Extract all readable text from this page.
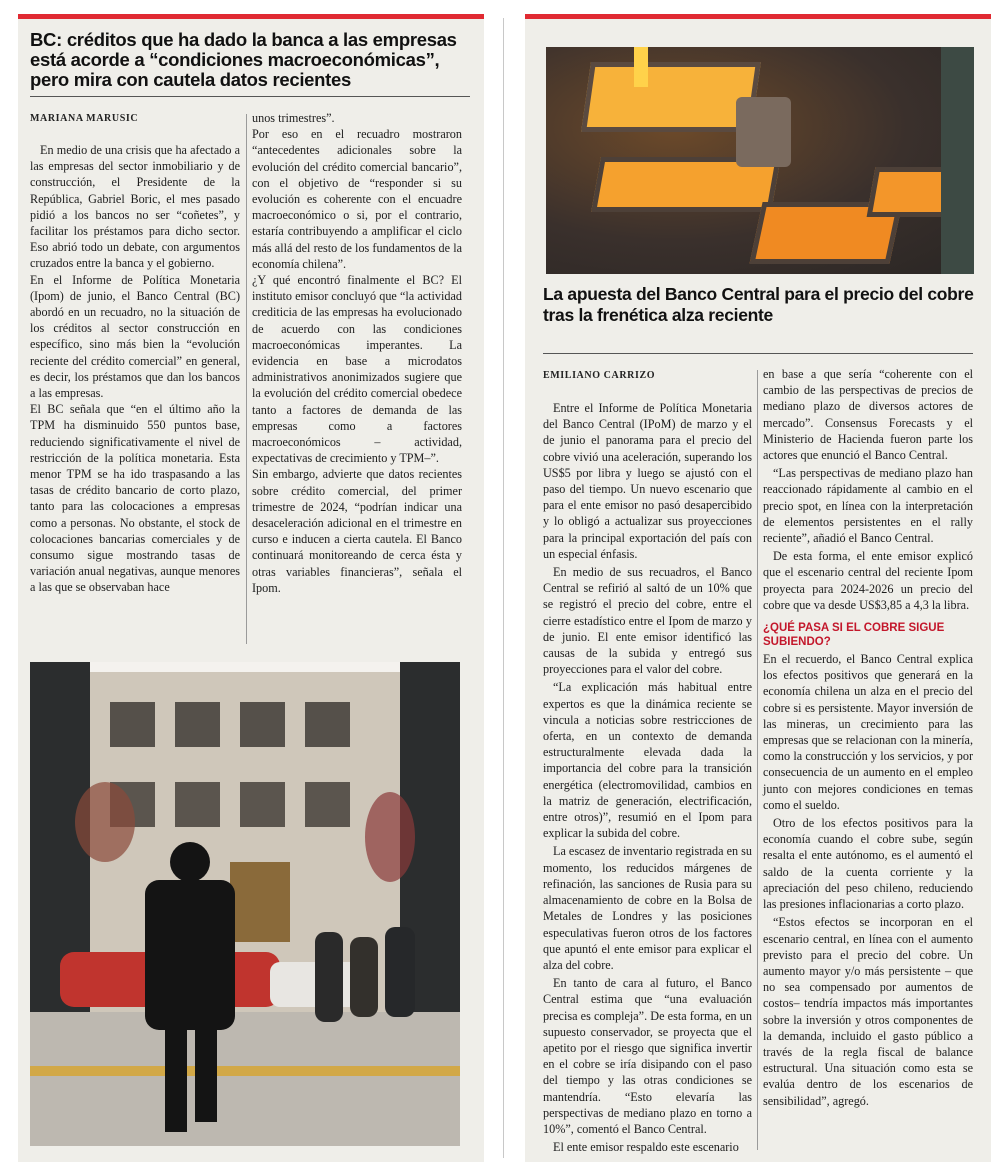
BC: créditos que ha dado la banca a las empresas está acorde a “condiciones macroeconómicas”, pero mira con cautela datos recientes
MARIANA MARUSIC

En medio de una crisis que ha afectado a las empresas del sector inmobiliario y de construcción, el Presidente de la República, Gabriel Boric, el mes pasado pidió a los bancos no ser “coñetes”, y facilitar los préstamos para dicho sector. Eso abrió todo un debate, con argumentos cruzados entre la banca y el gobierno.

En el Informe de Política Monetaria (Ipom) de junio, el Banco Central (BC) abordó en un recuadro, no la situación de los créditos al sector construcción en específico, sino más bien la “evolución reciente del crédito comercial” en general, es decir, los préstamos que dan los bancos a las empresas.

El BC señala que “en el último año la TPM ha disminuido 550 puntos base, reduciendo significativamente el nivel de restricción de la política monetaria. Esta menor TPM se ha ido traspasando a las tasas de crédito bancario de corto plazo, tanto para las colocaciones a empresas como a personas. No obstante, el stock de colocaciones bancarias comerciales y de consumo sigue mostrando tasas de variación anual negativas, aunque menores a las que se observaban hace

unos trimestres”.

Por eso en el recuadro mostraron “antecedentes adicionales sobre la evolución del crédito comercial bancario”, con el objetivo de “responder si su evolución es coherente con el encuadre macroeconómico o si, por el contrario, estaría contribuyendo a amplificar el ciclo más allá del resto de los fundamentos de la economía chilena”.

¿Y qué encontró finalmente el BC? El instituto emisor concluyó que “la actividad crediticia de las empresas ha evolucionado de acuerdo con las condiciones macroeconómicas imperantes. La evidencia en base a microdatos administrativos anonimizados sugiere que la evolución del crédito comercial obedece tanto a factores de demanda de las empresas como a factores macroeconómicos – actividad, expectativas de crecimiento y TPM–”.

Sin embargo, advierte que datos recientes sobre crédito comercial, del primer trimestre de 2024, “podrían indicar una desaceleración adicional en el trimestre en curso e inducen a cierta cautela. El Banco continuará monitoreando de cerca ésta y otras variables financieras”, señala el Ipom.

La apuesta del Banco Central para el precio del cobre tras la frenética alza reciente
EMILIANO CARRIZO

Entre el Informe de Política Monetaria del Banco Central (IPoM) de marzo y el de junio el panorama para el precio del cobre vivió una aceleración, superando los US$5 por libra y luego se ajustó con el paso del tiempo. Un nuevo escenario que para el ente emisor no pasó desapercibido y lo obligó a actualizar sus proyecciones para la principal exportación del país con un especial énfasis.

En medio de sus recuadros, el Banco Central se refirió al saltó de un 10% que se registró el precio del cobre, entre el cierre estadístico entre el Ipom de marzo y de junio. El ente emisor identificó las causas de la subida y entregó sus proyecciones para el valor del cobre.

“La explicación más habitual entre expertos es que la dinámica reciente se vincula a noticias sobre restricciones de oferta, en un contexto de demanda estructuralmente elevada dada la importancia del cobre para la transición energética (electromovilidad, cambios en la matriz de generación, electrificación, entre otros)”, resumió en el Ipom para explicar la subida del cobre.

La escasez de inventario registrada en su momento, los reducidos márgenes de refinación, las sanciones de Rusia para su almacenamiento de cobre en la Bolsa de Metales de Londres y las posiciones especulativas fueron otros de los factores que apuntó el ente emisor para explicar el alza del cobre.

En tanto de cara al futuro, el Banco Central estima que “una evaluación precisa es compleja”. De esta forma, en un supuesto conservador, se proyecta que el apetito por el riesgo que significa invertir en el cobre se iría disipando con el paso del tiempo y las otras condiciones se mantendría. “Esto elevaría las perspectivas de mediano plazo en torno a 10%”, comentó el Banco Central.

El ente emisor respaldo este escenario

en base a que sería “coherente con el cambio de las perspectivas de precios de mediano plazo de diversos actores de mercado”. Consensus Forecasts y el Ministerio de Hacienda fueron parte los actores que enunció el Banco Central.

“Las perspectivas de mediano plazo han reaccionado rápidamente al cambio en el precio spot, en línea con la interpretación de elementos persistentes en el rally reciente”, añadió el Banco Central.

De esta forma, el ente emisor explicó que el escenario central del reciente Ipom proyecta para 2024-2026 un precio del cobre que va desde US$3,85 a 4,3 la libra.

¿QUÉ PASA SI EL COBRE SIGUE SUBIENDO?

En el recuerdo, el Banco Central explica los efectos positivos que generará en la economía chilena un alza en el precio del cobre si es persistente. Mayor inversión de las mineras, un crecimiento para las empresas que se relacionan con la minería, como la construcción y los servicios, y por consecuencia de un aumento en el empleo junto con mejores condiciones en temas como el sueldo.

Otro de los efectos positivos para la economía cuando el cobre sube, según resalta el ente autónomo, es el aumentó el saldo de la cuenta corriente y la apreciación del peso chileno, reduciendo las presiones inflacionarias a corto plazo.

“Estos efectos se incorporan en el escenario central, en línea con el aumento previsto para el precio del cobre. Un aumento mayor y/o más persistente – que no sea compensado por aumentos de costos– tendría impactos más importantes sobre la inversión y otros componentes de la demanda, incluido el gasto público a través de la regla fiscal de balance estructural. Una situación como esta se evalúa dentro de los escenarios de sensibilidad”, agregó.
